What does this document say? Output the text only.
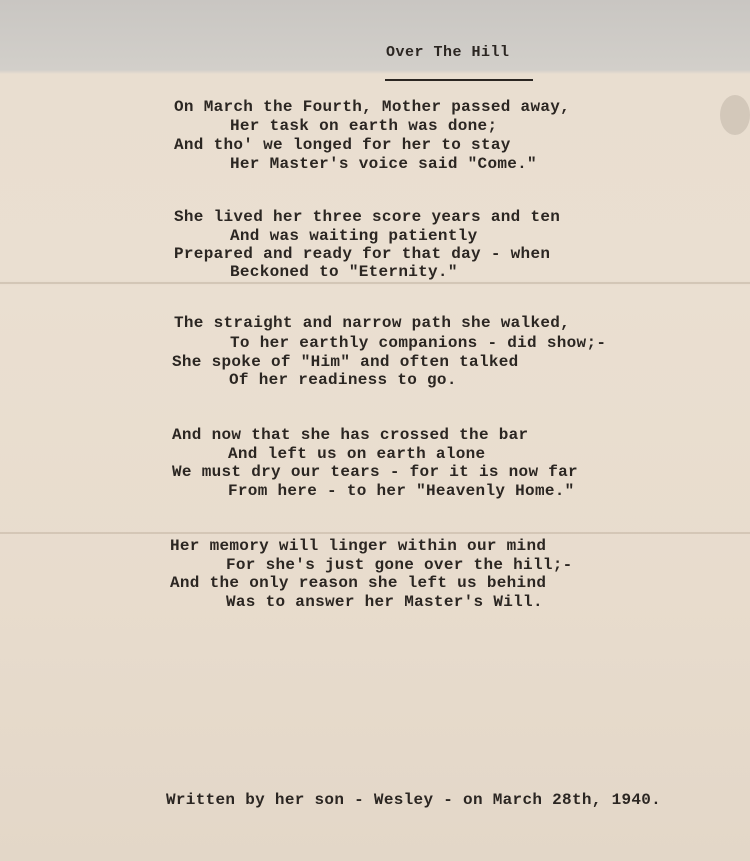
Over The Hill
On March the Fourth, Mother passed away,
Her task on earth was done;
And tho' we longed for her to stay
Her Master's voice said "Come."
She lived her three score years and ten
And was waiting patiently
Prepared and ready for that day - when
Beckoned to "Eternity."
The straight and narrow path she walked,
To her earthly companions - did show;-
She spoke of "Him" and often talked
Of her readiness to go.
And now that she has crossed the bar
And left us on earth alone
We must dry our tears - for it is now far
From here - to her "Heavenly Home."
Her memory will linger within our mind
For she's just gone over the hill;-
And the only reason she left us behind
Was to answer her Master's Will.
Written by her son - Wesley - on March 28th, 1940.
